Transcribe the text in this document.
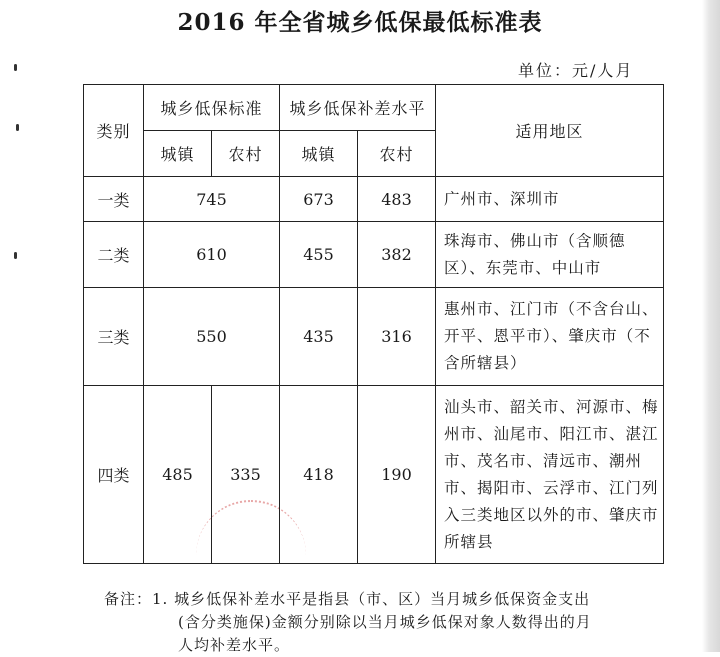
2016 年全省城乡低保最低标准表
单位：元/人月
类别	城乡低保标准		城乡低保补差水平		适用地区
	城镇	农村	城镇	农村	
一类	745		673	483	广州市、深圳市
二类	610		455	382	珠海市、佛山市（含顺德区）、东莞市、中山市
三类	550		435	316	惠州市、江门市（不含台山、开平、恩平市）、肇庆市（不含所辖县）
四类	485	335	418	190	汕头市、韶关市、河源市、梅州市、汕尾市、阳江市、湛江市、茂名市、清远市、潮州市、揭阳市、云浮市、江门列入三类地区以外的市、肇庆市所辖县
备注：1. 城乡低保补差水平是指县（市、区）当月城乡低保资金支出
(含分类施保)金额分别除以当月城乡低保对象人数得出的月
人均补差水平。
